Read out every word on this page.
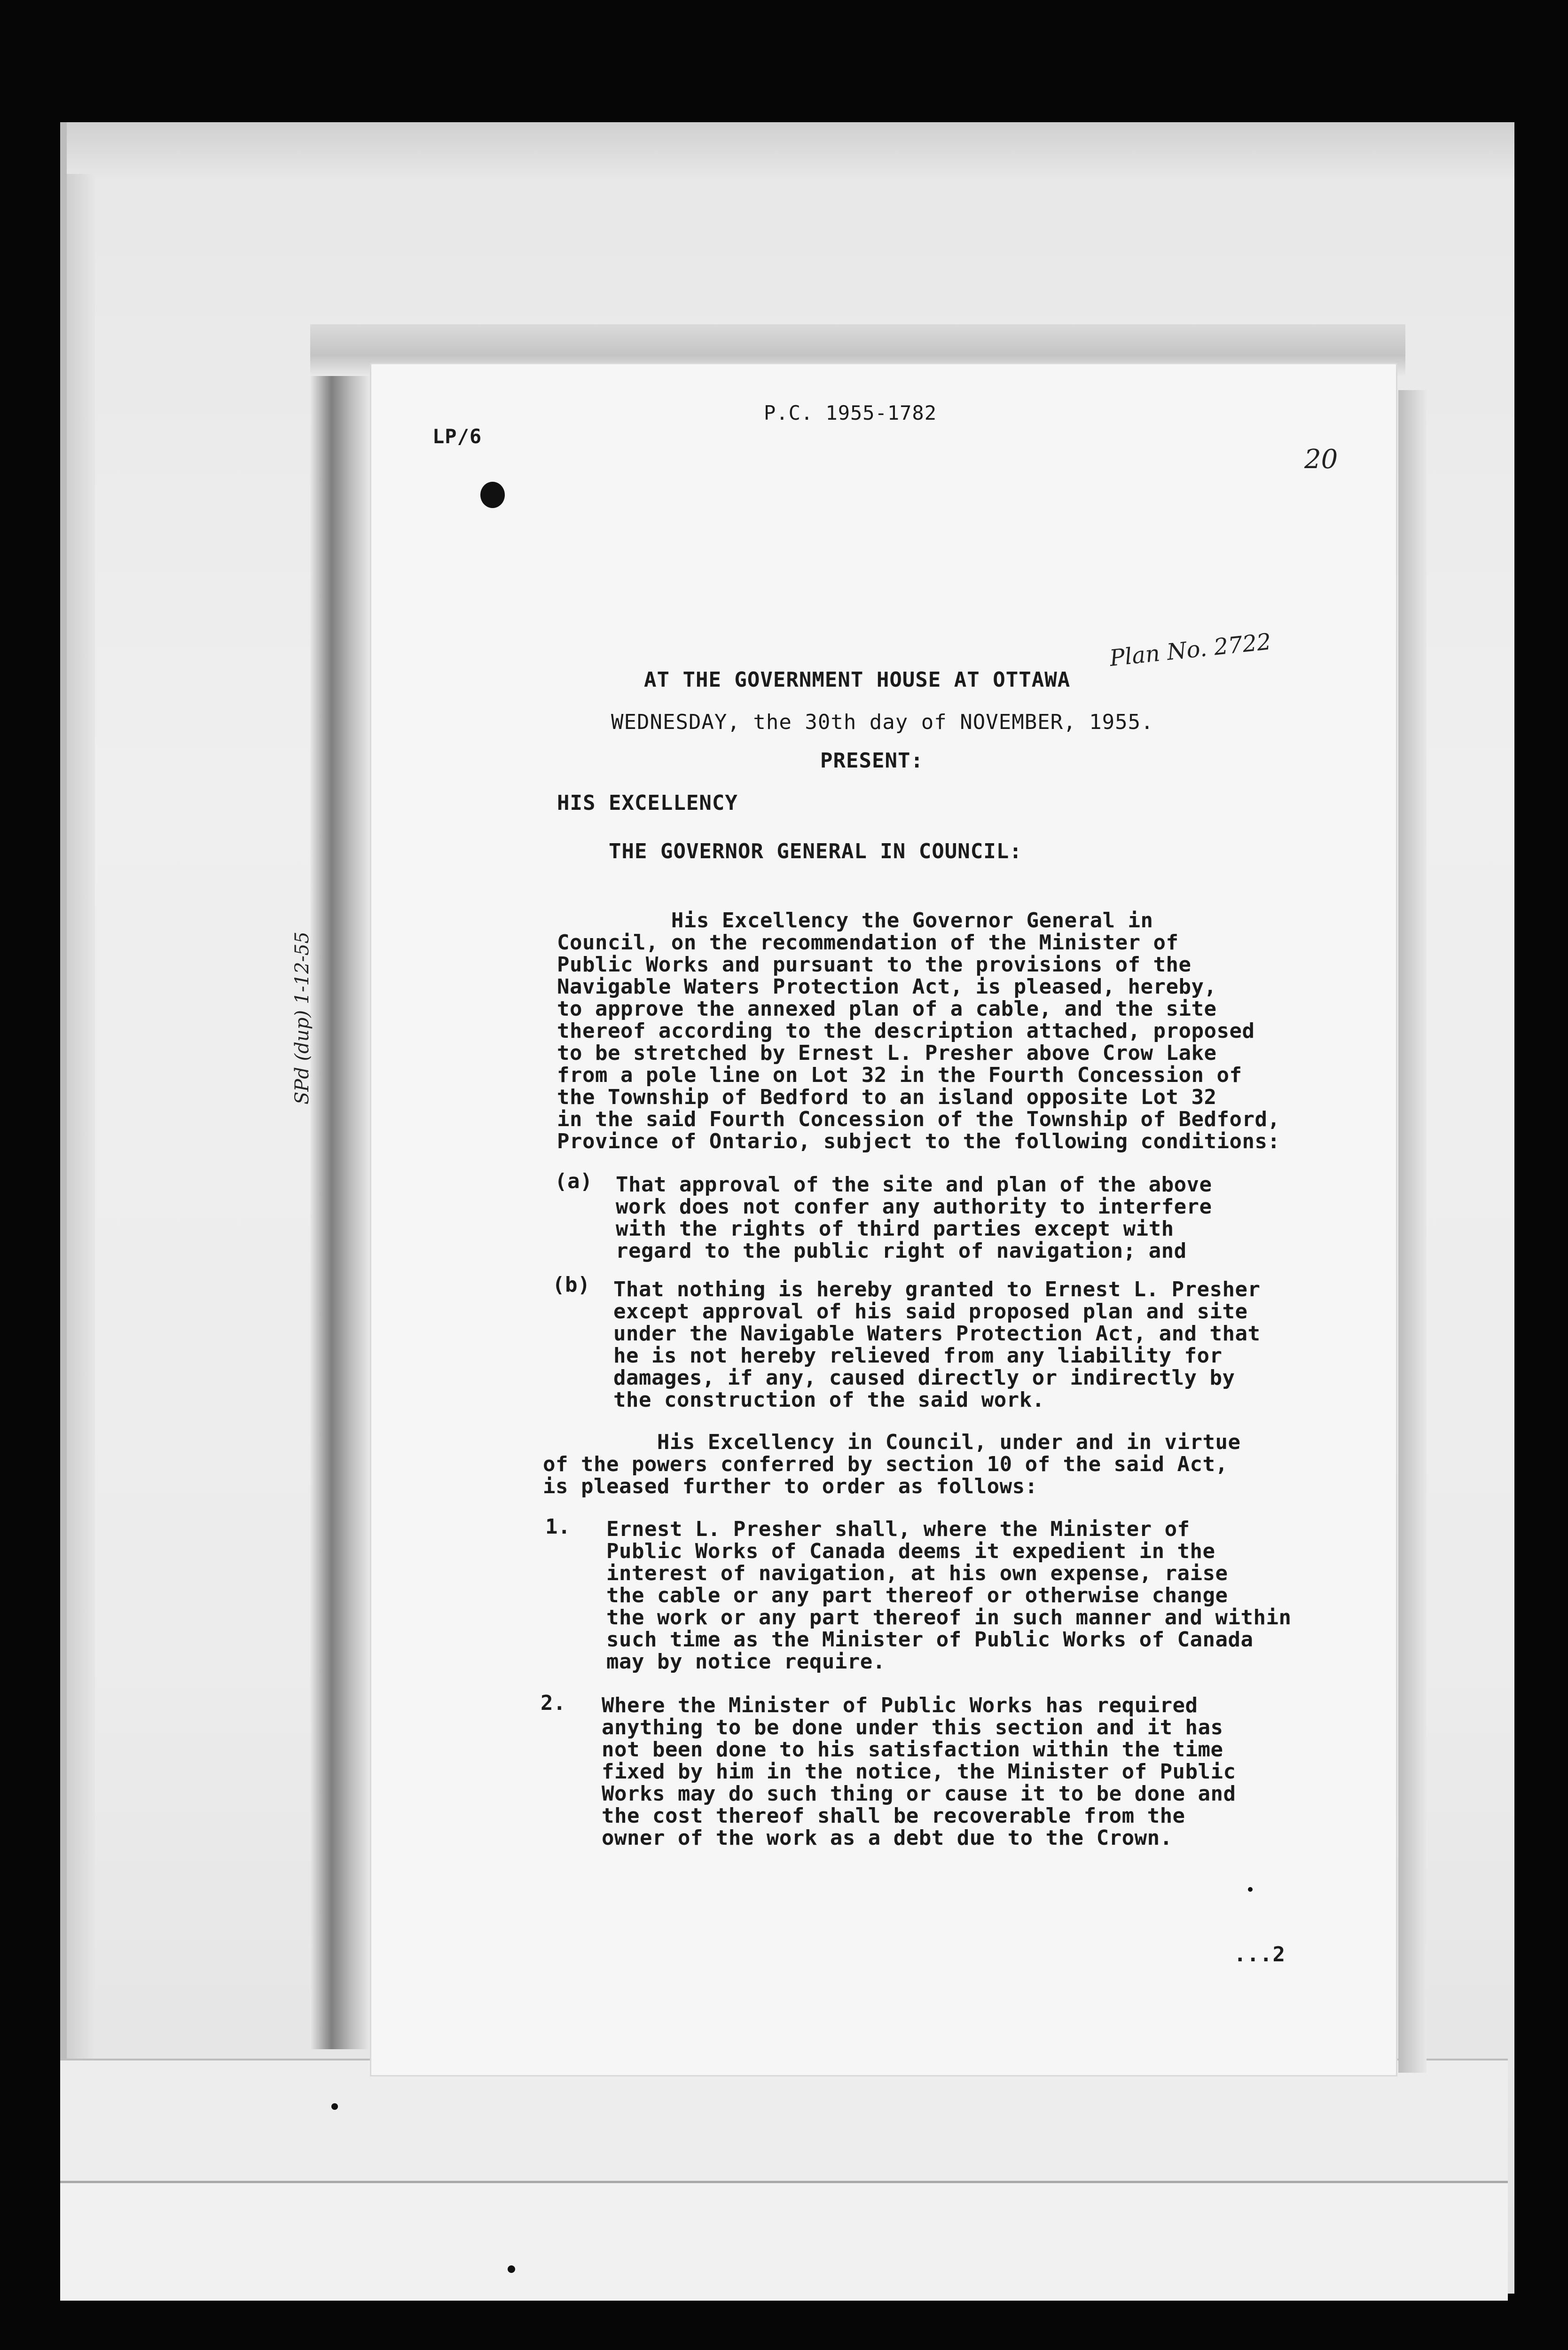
LP/6
P.C. 1955-1782
20
Plan No. 2722
AT THE GOVERNMENT HOUSE AT OTTAWA
WEDNESDAY, the 30th day of NOVEMBER, 1955.
PRESENT:
HIS EXCELLENCY
THE GOVERNOR GENERAL IN COUNCIL:
His Excellency the Governor General in
Council, on the recommendation of the Minister of
Public Works and pursuant to the provisions of the
Navigable Waters Protection Act, is pleased, hereby,
to approve the annexed plan of a cable, and the site
thereof according to the description attached, proposed
to be stretched by Ernest L. Presher above Crow Lake
from a pole line on Lot 32 in the Fourth Concession of
the Township of Bedford to an island opposite Lot 32
in the said Fourth Concession of the Township of Bedford,
Province of Ontario, subject to the following conditions:
(a) That approval of the site and plan of the above
work does not confer any authority to interfere
with the rights of third parties except with
regard to the public right of navigation; and
(b) That nothing is hereby granted to Ernest L. Presher
except approval of his said proposed plan and site
under the Navigable Waters Protection Act, and that
he is not hereby relieved from any liability for
damages, if any, caused directly or indirectly by
the construction of the said work.
His Excellency in Council, under and in virtue
of the powers conferred by section 10 of the said Act,
is pleased further to order as follows:
1. Ernest L. Presher shall, where the Minister of
Public Works of Canada deems it expedient in the
interest of navigation, at his own expense, raise
the cable or any part thereof or otherwise change
the work or any part thereof in such manner and within
such time as the Minister of Public Works of Canada
may by notice require.
2. Where the Minister of Public Works has required
anything to be done under this section and it has
not been done to his satisfaction within the time
fixed by him in the notice, the Minister of Public
Works may do such thing or cause it to be done and
the cost thereof shall be recoverable from the
owner of the work as a debt due to the Crown.
...2
SPd (dup) 1-12-55
